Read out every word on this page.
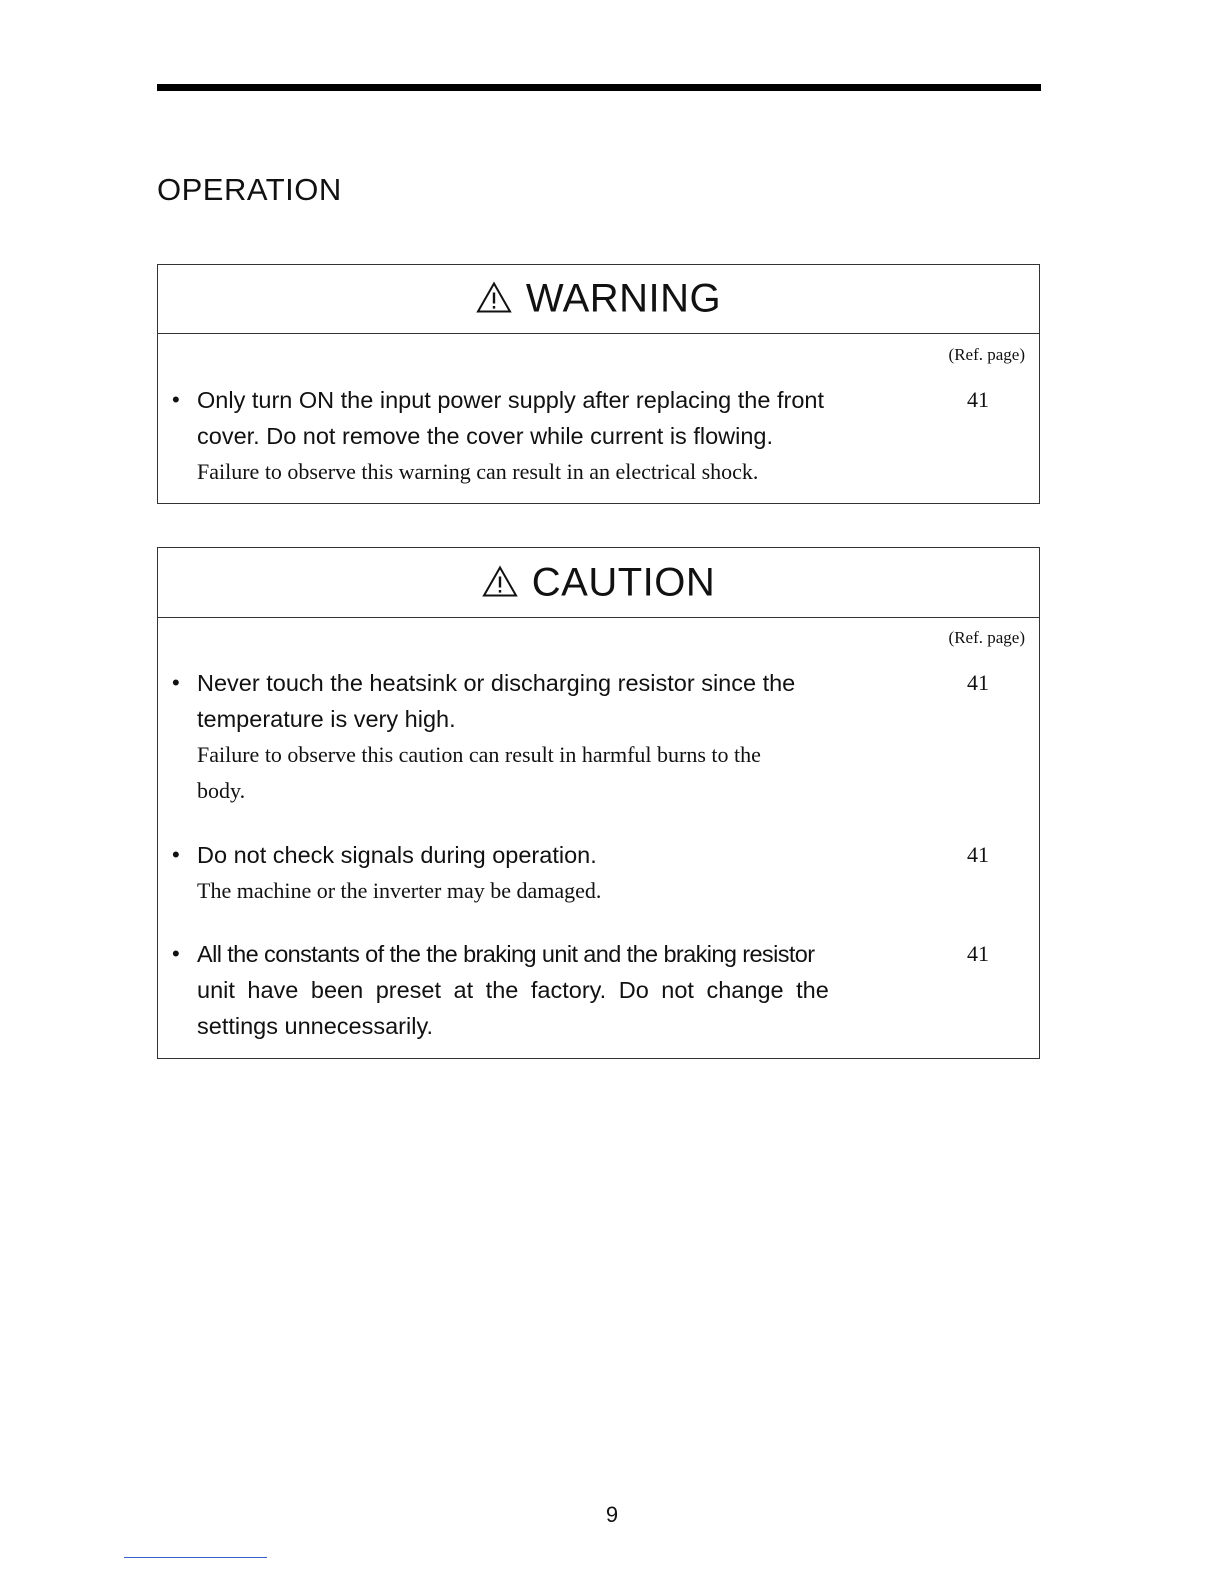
OPERATION
WARNING
(Ref. page)
• Only turn ON the input power supply after replacing the front
cover. Do not remove the cover while current is flowing.
Failure to observe this warning can result in an electrical shock.
41
CAUTION
(Ref. page)
• Never touch the heatsink or discharging resistor since the
temperature is very high.
Failure to observe this caution can result in harmful burns to the
body.
41
• Do not check signals during operation.
The machine or the inverter may be damaged.
41
• All the constants of the the braking unit and the braking resistor
unit have been preset at the factory. Do not change the
settings unnecessarily.
41
9
